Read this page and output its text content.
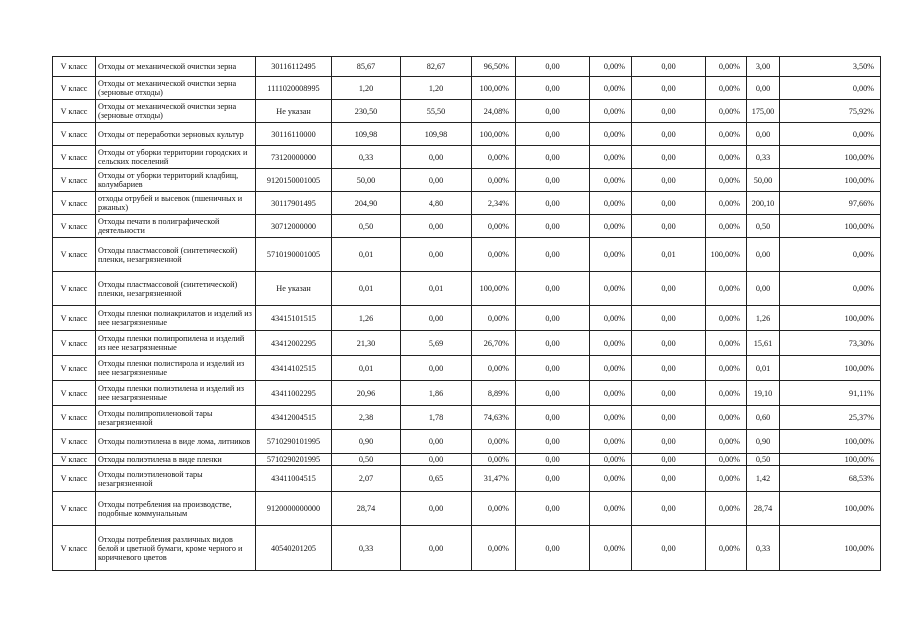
V класс	Отходы от механической очистки зерна	30116112495	85,67	82,67	96,50%	0,00	0,00%	0,00	0,00%	3,00	3,50%
V класс	Отходы от механической очистки зерна (зерновые отходы)	1111020008995	1,20	1,20	100,00%	0,00	0,00%	0,00	0,00%	0,00	0,00%
V класс	Отходы от механической очистки зерна (зерновые отходы)	Не указан	230,50	55,50	24,08%	0,00	0,00%	0,00	0,00%	175,00	75,92%
V класс	Отходы от переработки зерновых культур	30116110000	109,98	109,98	100,00%	0,00	0,00%	0,00	0,00%	0,00	0,00%
V класс	Отходы от уборки территории городских и сельских поселений	73120000000	0,33	0,00	0,00%	0,00	0,00%	0,00	0,00%	0,33	100,00%
V класс	Отходы от уборки территорий кладбищ, колумбариев	9120150001005	50,00	0,00	0,00%	0,00	0,00%	0,00	0,00%	50,00	100,00%
V класс	отходы отрубей и высевок (пшеничных и ржаных)	30117901495	204,90	4,80	2,34%	0,00	0,00%	0,00	0,00%	200,10	97,66%
V класс	Отходы печати в полиграфической деятельности	30712000000	0,50	0,00	0,00%	0,00	0,00%	0,00	0,00%	0,50	100,00%
V класс	Отходы пластмассовой (синтетической) пленки, незагрязненной	5710190001005	0,01	0,00	0,00%	0,00	0,00%	0,01	100,00%	0,00	0,00%
V класс	Отходы пластмассовой (синтетической) пленки, незагрязненной	Не указан	0,01	0,01	100,00%	0,00	0,00%	0,00	0,00%	0,00	0,00%
V класс	Отходы пленки полиакрилатов и изделий из нее незагрязненные	43415101515	1,26	0,00	0,00%	0,00	0,00%	0,00	0,00%	1,26	100,00%
V класс	Отходы пленки полипропилена и изделий из нее незагрязненные	43412002295	21,30	5,69	26,70%	0,00	0,00%	0,00	0,00%	15,61	73,30%
V класс	Отходы пленки полистирола и изделий из нее незагрязненные	43414102515	0,01	0,00	0,00%	0,00	0,00%	0,00	0,00%	0,01	100,00%
V класс	Отходы пленки полиэтилена и изделий из нее незагрязненные	43411002295	20,96	1,86	8,89%	0,00	0,00%	0,00	0,00%	19,10	91,11%
V класс	Отходы полипропиленовой тары незагрязненной	43412004515	2,38	1,78	74,63%	0,00	0,00%	0,00	0,00%	0,60	25,37%
V класс	Отходы полиэтилена в виде лома, литников	5710290101995	0,90	0,00	0,00%	0,00	0,00%	0,00	0,00%	0,90	100,00%
V класс	Отходы полиэтилена в виде пленки	5710290201995	0,50	0,00	0,00%	0,00	0,00%	0,00	0,00%	0,50	100,00%
V класс	Отходы полиэтиленовой тары незагрязненной	43411004515	2,07	0,65	31,47%	0,00	0,00%	0,00	0,00%	1,42	68,53%
V класс	Отходы потребления на производстве, подобные коммунальным	9120000000000	28,74	0,00	0,00%	0,00	0,00%	0,00	0,00%	28,74	100,00%
V класс	Отходы потребления различных видов белой и цветной бумаги, кроме черного и коричневого цветов	40540201205	0,33	0,00	0,00%	0,00	0,00%	0,00	0,00%	0,33	100,00%
